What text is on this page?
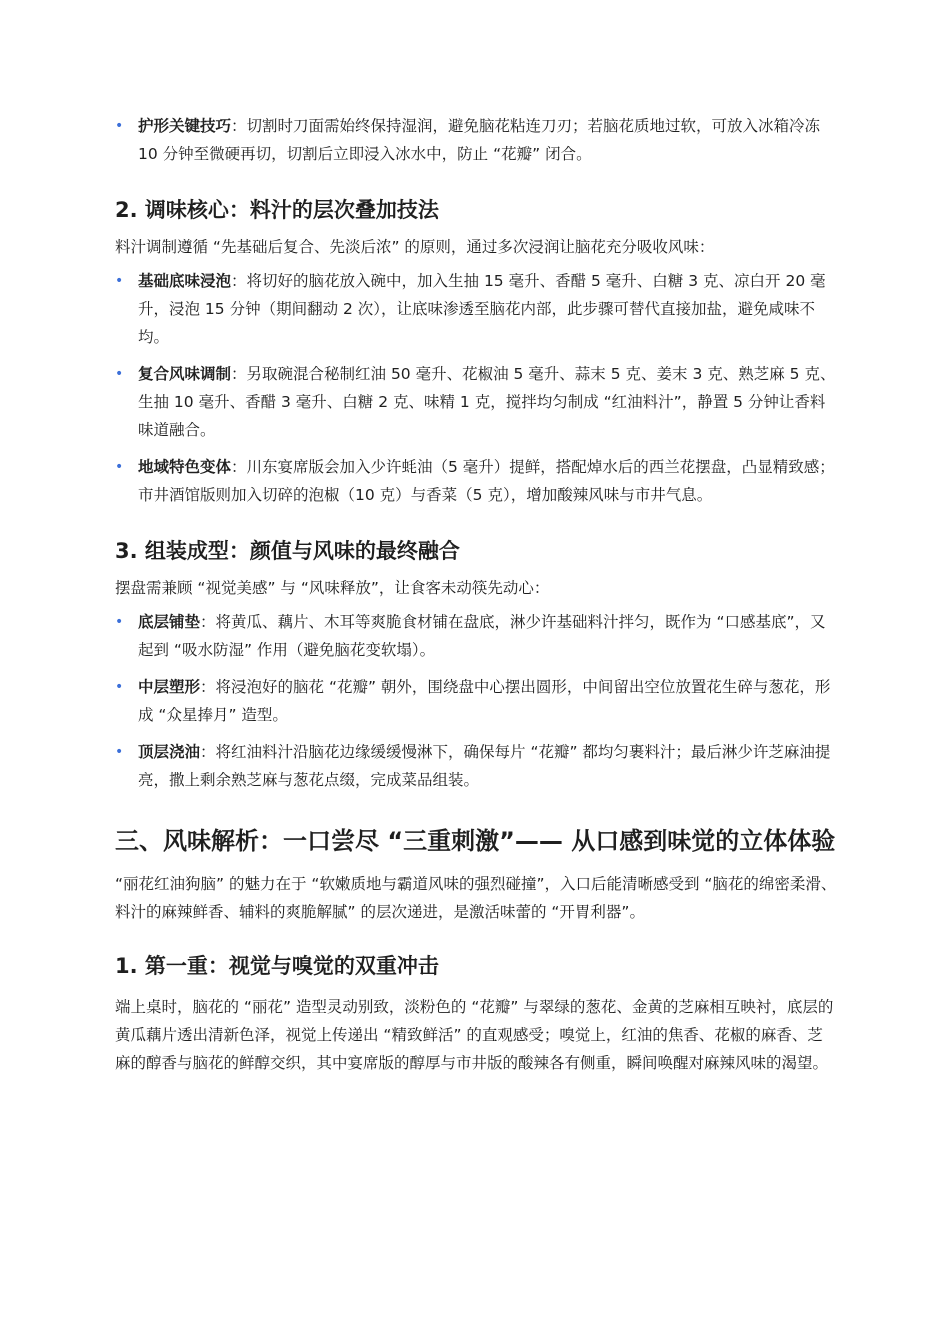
• 护形关键技巧：切割时刀面需始终保持湿润，避免脑花粘连刀刃；若脑花质地过软，可放入冰箱冷冻 10 分钟至微硬再切，切割后立即浸入冰水中，防止 “花瓣” 闭合。
2. 调味核心：料汁的层次叠加技法

料汁调制遵循 “先基础后复合、先淡后浓” 的原则，通过多次浸润让脑花充分吸收风味：

• 基础底味浸泡：将切好的脑花放入碗中，加入生抽 15 毫升、香醋 5 毫升、白糖 3 克、凉白开 20 毫升，浸泡 15 分钟（期间翻动 2 次），让底味渗透至脑花内部，此步骤可替代直接加盐，避免咸味不均。
• 复合风味调制：另取碗混合秘制红油 50 毫升、花椒油 5 毫升、蒜末 5 克、姜末 3 克、熟芝麻 5 克、生抽 10 毫升、香醋 3 毫升、白糖 2 克、味精 1 克，搅拌均匀制成 “红油料汁”，静置 5 分钟让香料味道融合。
• 地域特色变体：川东宴席版会加入少许蚝油（5 毫升）提鲜，搭配焯水后的西兰花摆盘，凸显精致感；市井酒馆版则加入切碎的泡椒（10 克）与香菜（5 克），增加酸辣风味与市井气息。
3. 组装成型：颜值与风味的最终融合

摆盘需兼顾 “视觉美感” 与 “风味释放”，让食客未动筷先动心：

• 底层铺垫：将黄瓜、藕片、木耳等爽脆食材铺在盘底，淋少许基础料汁拌匀，既作为 “口感基底”，又起到 “吸水防湿” 作用（避免脑花变软塌）。
• 中层塑形：将浸泡好的脑花 “花瓣” 朝外，围绕盘中心摆出圆形，中间留出空位放置花生碎与葱花，形成 “众星捧月” 造型。
• 顶层浇油：将红油料汁沿脑花边缘缓缓慢淋下，确保每片 “花瓣” 都均匀裹料汁；最后淋少许芝麻油提亮，撒上剩余熟芝麻与葱花点缀，完成菜品组装。
三、风味解析：一口尝尽 “三重刺激”—— 从口感到味觉的立体体验

“丽花红油狗脑” 的魅力在于 “软嫩质地与霸道风味的强烈碰撞”，入口后能清晰感受到 “脑花的绵密柔滑、料汁的麻辣鲜香、辅料的爽脆解腻” 的层次递进，是激活味蕾的 “开胃利器”。

1. 第一重：视觉与嗅觉的双重冲击

端上桌时，脑花的 “丽花” 造型灵动别致，淡粉色的 “花瓣” 与翠绿的葱花、金黄的芝麻相互映衬，底层的黄瓜藕片透出清新色泽，视觉上传递出 “精致鲜活” 的直观感受；嗅觉上，红油的焦香、花椒的麻香、芝麻的醇香与脑花的鲜醇交织，其中宴席版的醇厚与市井版的酸辣各有侧重，瞬间唤醒对麻辣风味的渴望。
